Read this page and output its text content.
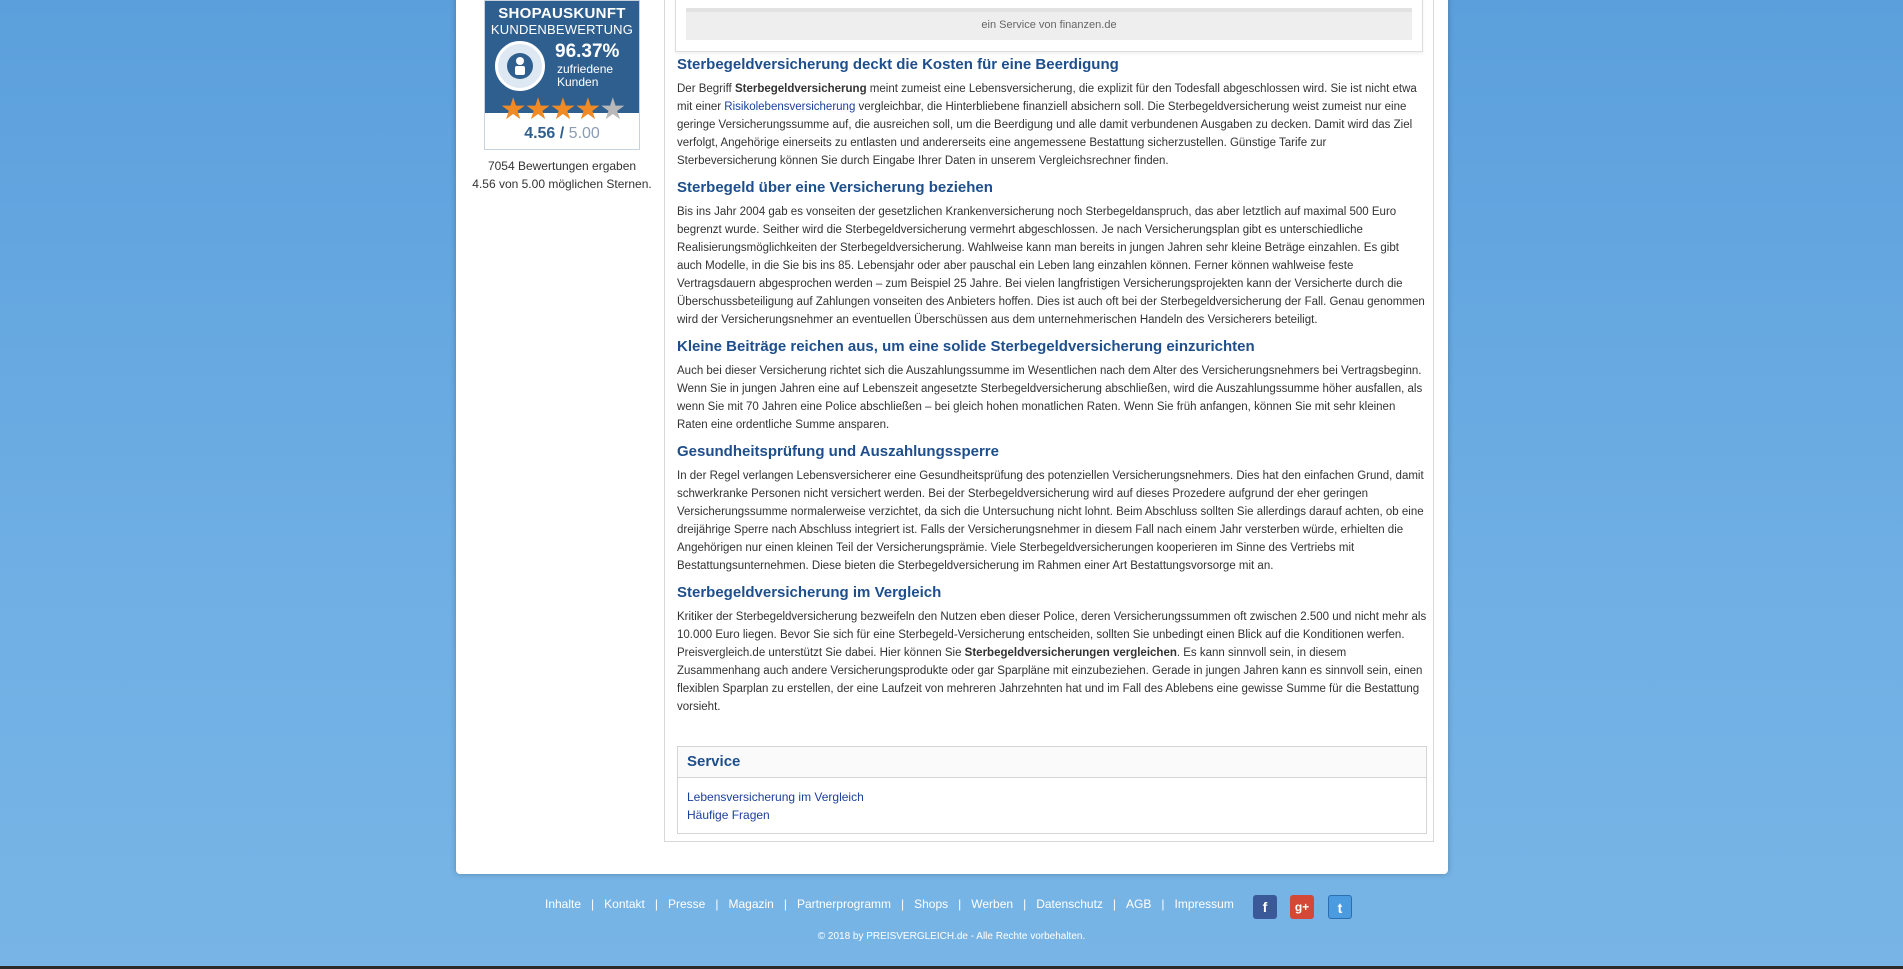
SHOPAUSKUNFT
KUNDENBEWERTUNG
96.37%
zufriedene Kunden
★★★★★
4.56 / 5.00
7054 Bewertungen ergaben
4.56 von 5.00 möglichen Sternen.
ein Service von finanzen.de
Sterbegeldversicherung deckt die Kosten für eine Beerdigung

Der Begriff Sterbegeldversicherung meint zumeist eine Lebensversicherung, die explizit für den Todesfall abgeschlossen wird. Sie ist nicht etwa mit einer Risikolebensversicherung vergleichbar, die Hinterbliebene finanziell absichern soll. Die Sterbegeldversicherung weist zumeist nur eine geringe Versicherungssumme auf, die ausreichen soll, um die Beerdigung und alle damit verbundenen Ausgaben zu decken. Damit wird das Ziel verfolgt, Angehörige einerseits zu entlasten und andererseits eine angemessene Bestattung sicherzustellen. Günstige Tarife zur Sterbeversicherung können Sie durch Eingabe Ihrer Daten in unserem Vergleichsrechner finden.

Sterbegeld über eine Versicherung beziehen

Bis ins Jahr 2004 gab es vonseiten der gesetzlichen Krankenversicherung noch Sterbegeldanspruch, das aber letztlich auf maximal 500 Euro begrenzt wurde. Seither wird die Sterbegeldversicherung vermehrt abgeschlossen. Je nach Versicherungsplan gibt es unterschiedliche Realisierungsmöglichkeiten der Sterbegeldversicherung. Wahlweise kann man bereits in jungen Jahren sehr kleine Beträge einzahlen. Es gibt auch Modelle, in die Sie bis ins 85. Lebensjahr oder aber pauschal ein Leben lang einzahlen können. Ferner können wahlweise feste Vertragsdauern abgesprochen werden – zum Beispiel 25 Jahre. Bei vielen langfristigen Versicherungsprojekten kann der Versicherte durch die Überschussbeteiligung auf Zahlungen vonseiten des Anbieters hoffen. Dies ist auch oft bei der Sterbegeldversicherung der Fall. Genau genommen wird der Versicherungsnehmer an eventuellen Überschüssen aus dem unternehmerischen Handeln des Versicherers beteiligt.

Kleine Beiträge reichen aus, um eine solide Sterbegeldversicherung einzurichten

Auch bei dieser Versicherung richtet sich die Auszahlungssumme im Wesentlichen nach dem Alter des Versicherungsnehmers bei Vertragsbeginn. Wenn Sie in jungen Jahren eine auf Lebenszeit angesetzte Sterbegeldversicherung abschließen, wird die Auszahlungssumme höher ausfallen, als wenn Sie mit 70 Jahren eine Police abschließen – bei gleich hohen monatlichen Raten. Wenn Sie früh anfangen, können Sie mit sehr kleinen Raten eine ordentliche Summe ansparen.

Gesundheitsprüfung und Auszahlungssperre

In der Regel verlangen Lebensversicherer eine Gesundheitsprüfung des potenziellen Versicherungsnehmers. Dies hat den einfachen Grund, damit schwerkranke Personen nicht versichert werden. Bei der Sterbegeldversicherung wird auf dieses Prozedere aufgrund der eher geringen Versicherungssumme normalerweise verzichtet, da sich die Untersuchung nicht lohnt. Beim Abschluss sollten Sie allerdings darauf achten, ob eine dreijährige Sperre nach Abschluss integriert ist. Falls der Versicherungsnehmer in diesem Fall nach einem Jahr versterben würde, erhielten die Angehörigen nur einen kleinen Teil der Versicherungsprämie. Viele Sterbegeldversicherungen kooperieren im Sinne des Vertriebs mit Bestattungsunternehmen. Diese bieten die Sterbegeldversicherung im Rahmen einer Art Bestattungsvorsorge mit an.

Sterbegeldversicherung im Vergleich

Kritiker der Sterbegeldversicherung bezweifeln den Nutzen eben dieser Police, deren Versicherungssummen oft zwischen 2.500 und nicht mehr als 10.000 Euro liegen. Bevor Sie sich für eine Sterbegeld-Versicherung entscheiden, sollten Sie unbedingt einen Blick auf die Konditionen werfen. Preisvergleich.de unterstützt Sie dabei. Hier können Sie Sterbegeldversicherungen vergleichen. Es kann sinnvoll sein, in diesem Zusammenhang auch andere Versicherungsprodukte oder gar Sparpläne mit einzubeziehen. Gerade in jungen Jahren kann es sinnvoll sein, einen flexiblen Sparplan zu erstellen, der eine Laufzeit von mehreren Jahrzehnten hat und im Fall des Ablebens eine gewisse Summe für die Bestattung vorsieht.

Service
Lebensversicherung im Vergleich
Häufige Fragen
Inhalte | Kontakt | Presse | Magazin | Partnerprogramm | Shops | Werben | Datenschutz | AGB | Impressum	f	g+	t
© 2018 by PREISVERGLEICH.de - Alle Rechte vorbehalten.
